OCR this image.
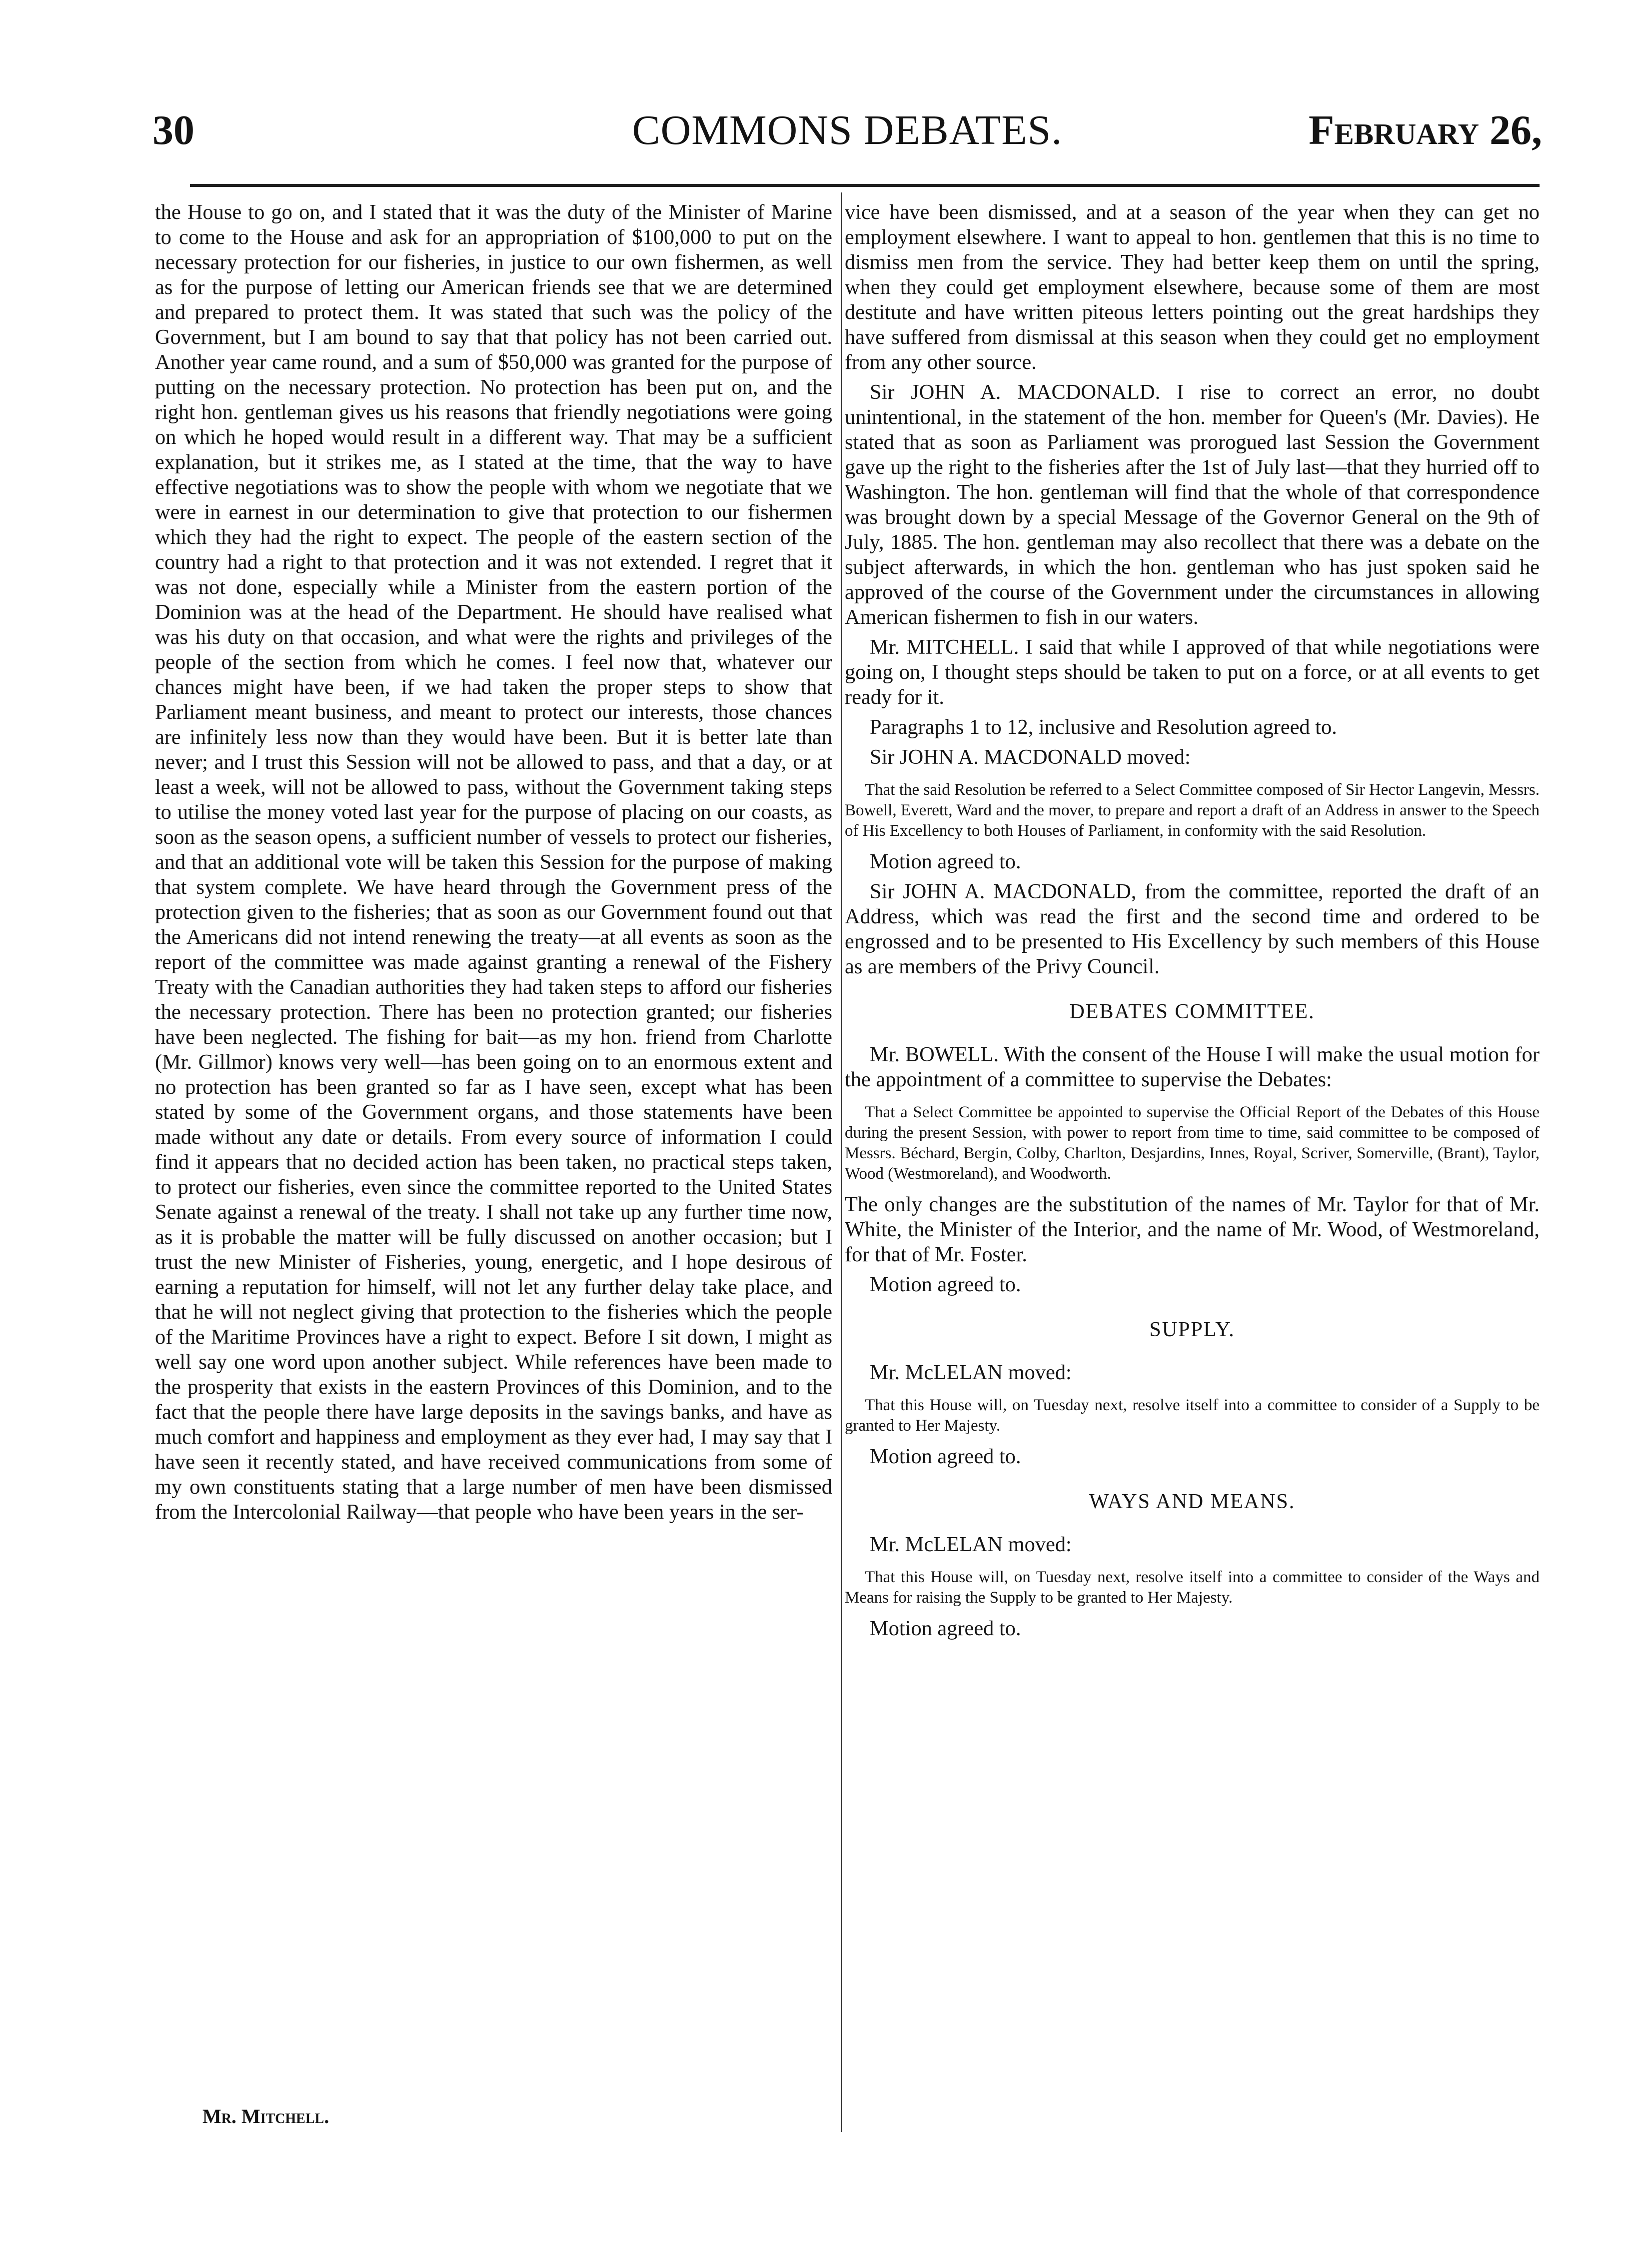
30	COMMONS DEBATES.	February 26,

the House to go on, and I stated that it was the duty of the Minister of Marine to come to the House and ask for an appropriation of $100,000 to put on the necessary protection for our fisheries, in justice to our own fishermen, as well as for the purpose of letting our American friends see that we are determined and prepared to protect them. It was stated that such was the policy of the Government, but I am bound to say that that policy has not been carried out. Another year came round, and a sum of $50,000 was granted for the purpose of putting on the necessary protection. No protection has been put on, and the right hon. gentleman gives us his reasons that friendly negotiations were going on which he hoped would result in a different way. That may be a sufficient explanation, but it strikes me, as I stated at the time, that the way to have effective negotiations was to show the people with whom we negotiate that we were in earnest in our determination to give that protection to our fishermen which they had the right to expect. The people of the eastern section of the country had a right to that protection and it was not extended. I regret that it was not done, especially while a Minister from the eastern portion of the Dominion was at the head of the Department. He should have realised what was his duty on that occasion, and what were the rights and privileges of the people of the section from which he comes. I feel now that, whatever our chances might have been, if we had taken the proper steps to show that Parliament meant business, and meant to protect our interests, those chances are infinitely less now than they would have been. But it is better late than never; and I trust this Session will not be allowed to pass, and that a day, or at least a week, will not be allowed to pass, without the Government taking steps to utilise the money voted last year for the purpose of placing on our coasts, as soon as the season opens, a sufficient number of vessels to protect our fisheries, and that an additional vote will be taken this Session for the purpose of making that system complete. We have heard through the Government press of the protection given to the fisheries; that as soon as our Government found out that the Americans did not intend renewing the treaty—at all events as soon as the report of the committee was made against granting a renewal of the Fishery Treaty with the Canadian authorities they had taken steps to afford our fisheries the necessary protection. There has been no protection granted; our fisheries have been neglected. The fishing for bait—as my hon. friend from Charlotte (Mr. Gillmor) knows very well—has been going on to an enormous extent and no protection has been granted so far as I have seen, except what has been stated by some of the Government organs, and those statements have been made without any date or details. From every source of information I could find it appears that no decided action has been taken, no practical steps taken, to protect our fisheries, even since the committee reported to the United States Senate against a renewal of the treaty. I shall not take up any further time now, as it is probable the matter will be fully discussed on another occasion; but I trust the new Minister of Fisheries, young, energetic, and I hope desirous of earning a reputation for himself, will not let any further delay take place, and that he will not neglect giving that protection to the fisheries which the people of the Maritime Provinces have a right to expect. Before I sit down, I might as well say one word upon another subject. While references have been made to the prosperity that exists in the eastern Provinces of this Dominion, and to the fact that the people there have large deposits in the savings banks, and have as much comfort and happiness and employment as they ever had, I may say that I have seen it recently stated, and have received communications from some of my own constituents stating that a large number of men have been dismissed from the Intercolonial Railway—that people who have been years in the ser-

vice have been dismissed, and at a season of the year when they can get no employment elsewhere. I want to appeal to hon. gentlemen that this is no time to dismiss men from the service. They had better keep them on until the spring, when they could get employment elsewhere, because some of them are most destitute and have written piteous letters pointing out the great hardships they have suffered from dismissal at this season when they could get no employment from any other source.

Sir JOHN A. MACDONALD. I rise to correct an error, no doubt unintentional, in the statement of the hon. member for Queen's (Mr. Davies). He stated that as soon as Parliament was prorogued last Session the Government gave up the right to the fisheries after the 1st of July last—that they hurried off to Washington. The hon. gentleman will find that the whole of that correspondence was brought down by a special Message of the Governor General on the 9th of July, 1885. The hon. gentleman may also recollect that there was a debate on the subject afterwards, in which the hon. gentleman who has just spoken said he approved of the course of the Government under the circumstances in allowing American fishermen to fish in our waters.

Mr. MITCHELL. I said that while I approved of that while negotiations were going on, I thought steps should be taken to put on a force, or at all events to get ready for it.

Paragraphs 1 to 12, inclusive and Resolution agreed to.

Sir JOHN A. MACDONALD moved:

That the said Resolution be referred to a Select Committee composed of Sir Hector Langevin, Messrs. Bowell, Everett, Ward and the mover, to prepare and report a draft of an Address in answer to the Speech of His Excellency to both Houses of Parliament, in conformity with the said Resolution.

Motion agreed to.

Sir JOHN A. MACDONALD, from the committee, reported the draft of an Address, which was read the first and the second time and ordered to be engrossed and to be presented to His Excellency by such members of this House as are members of the Privy Council.

DEBATES COMMITTEE.

Mr. BOWELL. With the consent of the House I will make the usual motion for the appointment of a committee to supervise the Debates:

That a Select Committee be appointed to supervise the Official Report of the Debates of this House during the present Session, with power to report from time to time, said committee to be composed of Messrs. Béchard, Bergin, Colby, Charlton, Desjardins, Innes, Royal, Scriver, Somerville, (Brant), Taylor, Wood (Westmoreland), and Woodworth.

The only changes are the substitution of the names of Mr. Taylor for that of Mr. White, the Minister of the Interior, and the name of Mr. Wood, of Westmoreland, for that of Mr. Foster.

Motion agreed to.

SUPPLY.

Mr. McLELAN moved:

That this House will, on Tuesday next, resolve itself into a committee to consider of a Supply to be granted to Her Majesty.

Motion agreed to.

WAYS AND MEANS.

Mr. McLELAN moved:

That this House will, on Tuesday next, resolve itself into a committee to consider of the Ways and Means for raising the Supply to be granted to Her Majesty.

Motion agreed to.

Mr. Mitchell.
